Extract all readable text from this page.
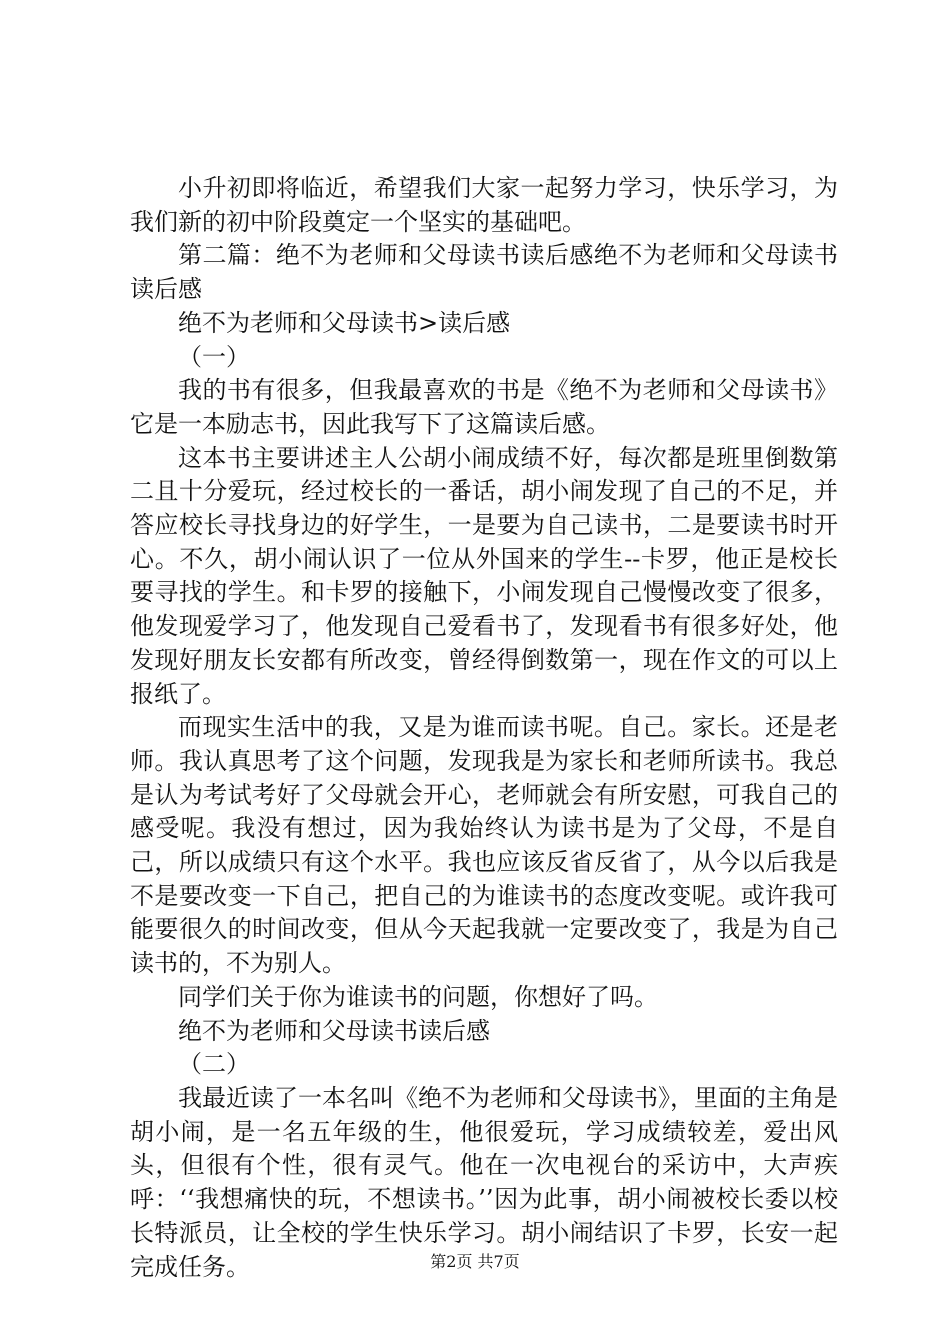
小升初即将临近，希望我们大家一起努力学习，快乐学习，为我们新的初中阶段奠定一个坚实的基础吧。

第二篇：绝不为老师和父母读书读后感绝不为老师和父母读书读后感

绝不为老师和父母读书>读后感

（一）

我的书有很多，但我最喜欢的书是《绝不为老师和父母读书》它是一本励志书，因此我写下了这篇读后感。

这本书主要讲述主人公胡小闹成绩不好，每次都是班里倒数第二且十分爱玩，经过校长的一番话，胡小闹发现了自己的不足，并答应校长寻找身边的好学生，一是要为自己读书，二是要读书时开心。不久，胡小闹认识了一位从外国来的学生--卡罗，他正是校长要寻找的学生。和卡罗的接触下，小闹发现自己慢慢改变了很多，他发现爱学习了，他发现自己爱看书了，发现看书有很多好处，他发现好朋友长安都有所改变，曾经得倒数第一，现在作文的可以上报纸了。

而现实生活中的我，又是为谁而读书呢。自己。家长。还是老师。我认真思考了这个问题，发现我是为家长和老师所读书。我总是认为考试考好了父母就会开心，老师就会有所安慰，可我自己的感受呢。我没有想过，因为我始终认为读书是为了父母，不是自己，所以成绩只有这个水平。我也应该反省反省了，从今以后我是不是要改变一下自己，把自己的为谁读书的态度改变呢。或许我可能要很久的时间改变，但从今天起我就一定要改变了，我是为自己读书的，不为别人。

同学们关于你为谁读书的问题，你想好了吗。

绝不为老师和父母读书读后感

（二）

我最近读了一本名叫《绝不为老师和父母读书》，里面的主角是胡小闹，是一名五年级的生，他很爱玩，学习成绩较差，爱出风头，但很有个性，很有灵气。他在一次电视台的采访中，大声疾呼：‘‘我想痛快的玩，不想读书。’’因为此事，胡小闹被校长委以校长特派员，让全校的学生快乐学习。胡小闹结识了卡罗，长安一起完成任务。	第2页 共7页
